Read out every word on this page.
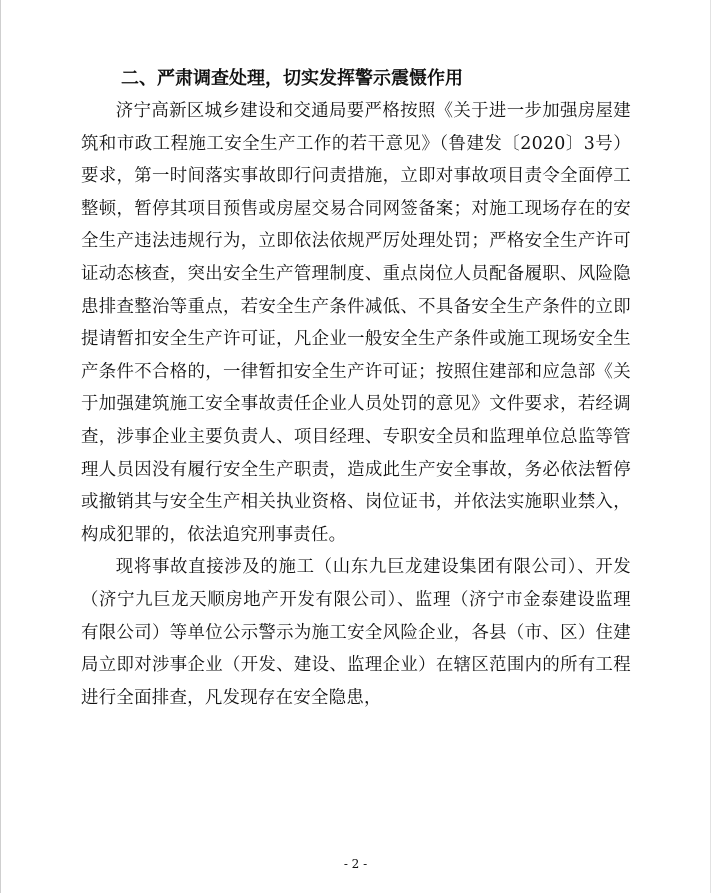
二、严肃调查处理，切实发挥警示震慑作用

济宁高新区城乡建设和交通局要严格按照《关于进一步加强房屋建筑和市政工程施工安全生产工作的若干意见》（鲁建发〔2020〕3号）要求，第一时间落实事故即行问责措施，立即对事故项目责令全面停工整顿，暂停其项目预售或房屋交易合同网签备案；对施工现场存在的安全生产违法违规行为，立即依法依规严厉处理处罚；严格安全生产许可证动态核查，突出安全生产管理制度、重点岗位人员配备履职、风险隐患排查整治等重点，若安全生产条件减低、不具备安全生产条件的立即提请暂扣安全生产许可证，凡企业一般安全生产条件或施工现场安全生产条件不合格的，一律暂扣安全生产许可证；按照住建部和应急部《关于加强建筑施工安全事故责任企业人员处罚的意见》文件要求，若经调查，涉事企业主要负责人、项目经理、专职安全员和监理单位总监等管理人员因没有履行安全生产职责，造成此生产安全事故，务必依法暂停或撤销其与安全生产相关执业资格、岗位证书，并依法实施职业禁入，构成犯罪的，依法追究刑事责任。

现将事故直接涉及的施工（山东九巨龙建设集团有限公司）、开发（济宁九巨龙天顺房地产开发有限公司）、监理（济宁市金泰建设监理有限公司）等单位公示警示为施工安全风险企业，各县（市、区）住建局立即对涉事企业（开发、建设、监理企业）在辖区范围内的所有工程进行全面排查，凡发现存在安全隐患，

- 2 -
